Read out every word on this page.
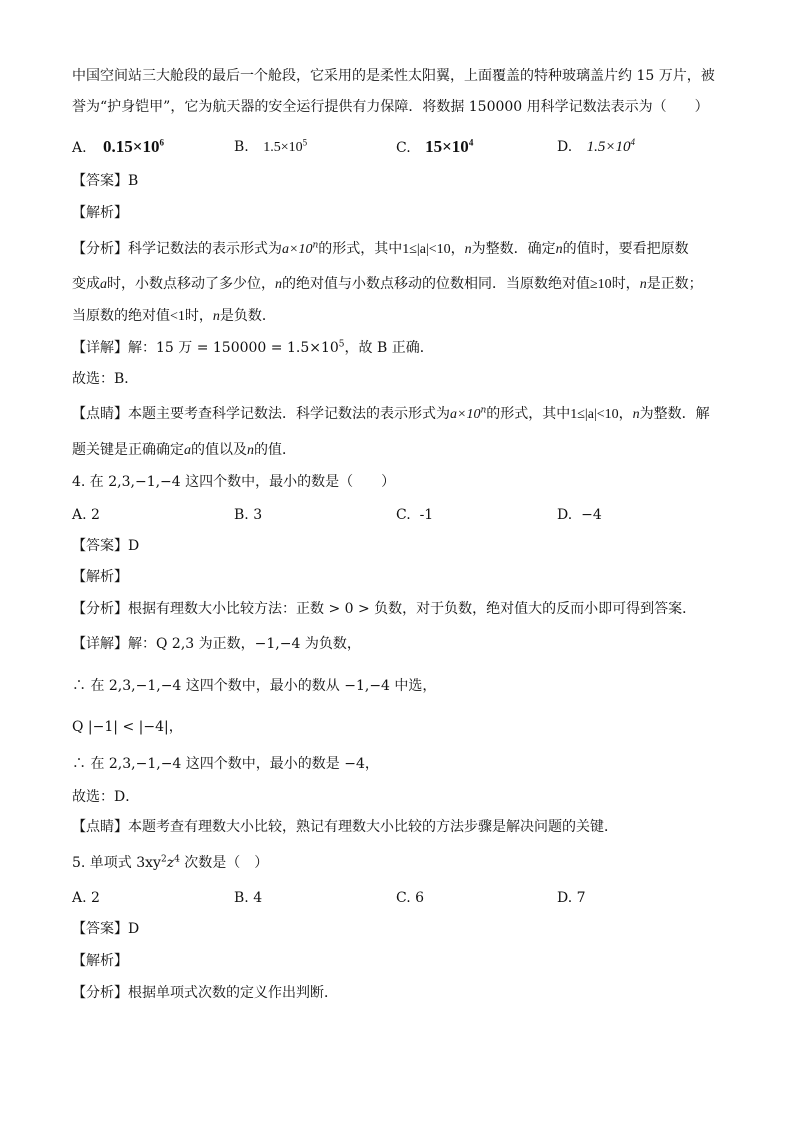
中国空间站三大舱段的最后一个舱段，它采用的是柔性太阳翼，上面覆盖的特种玻璃盖片约 15 万片，被
誉为“护身铠甲”，它为航天器的安全运行提供有力保障．将数据 150000 用科学记数法表示为（　　）
A. $0.15\times 10^6$	B. $1.5\times 10^5$	C. $15\times 10^4$	D. $1.5\times 10^4$
【答案】B
【解析】
【分析】科学记数法的表示形式为$a\times 10^n$的形式，其中1≤|a|<10，n为整数．确定n的值时，要看把原数
变成a时，小数点移动了多少位，n的绝对值与小数点移动的位数相同．当原数绝对值≥10时，n是正数；
当原数的绝对值<1时，n是负数．
【详解】解：15 万 = $150000 = 1.5\times 10^5$，故 B 正确．
故选：B．
【点睛】本题主要考查科学记数法．科学记数法的表示形式为$a\times 10^n$的形式，其中1≤|a|<10，n为整数．解
题关键是正确确定a的值以及n的值．
4. 在 2,3,−1,−4 这四个数中，最小的数是（　　）
A. 2	B. 3	C. -1	D. −4
【答案】D
【解析】
【分析】根据有理数大小比较方法：正数 > 0 > 负数，对于负数，绝对值大的反而小即可得到答案．
【详解】解：Q 2,3 为正数，−1,−4 为负数，
∴ 在 2,3,−1,−4 这四个数中，最小的数从 −1,−4 中选，
Q |−1| < |−4|，
∴ 在 2,3,−1,−4 这四个数中，最小的数是 −4，
故选：D．
【点睛】本题考查有理数大小比较，熟记有理数大小比较的方法步骤是解决问题的关键．
5. 单项式 $3xy^2z^4$ 次数是（　）
A. 2	B. 4	C. 6	D. 7
【答案】D
【解析】
【分析】根据单项式次数的定义作出判断．
